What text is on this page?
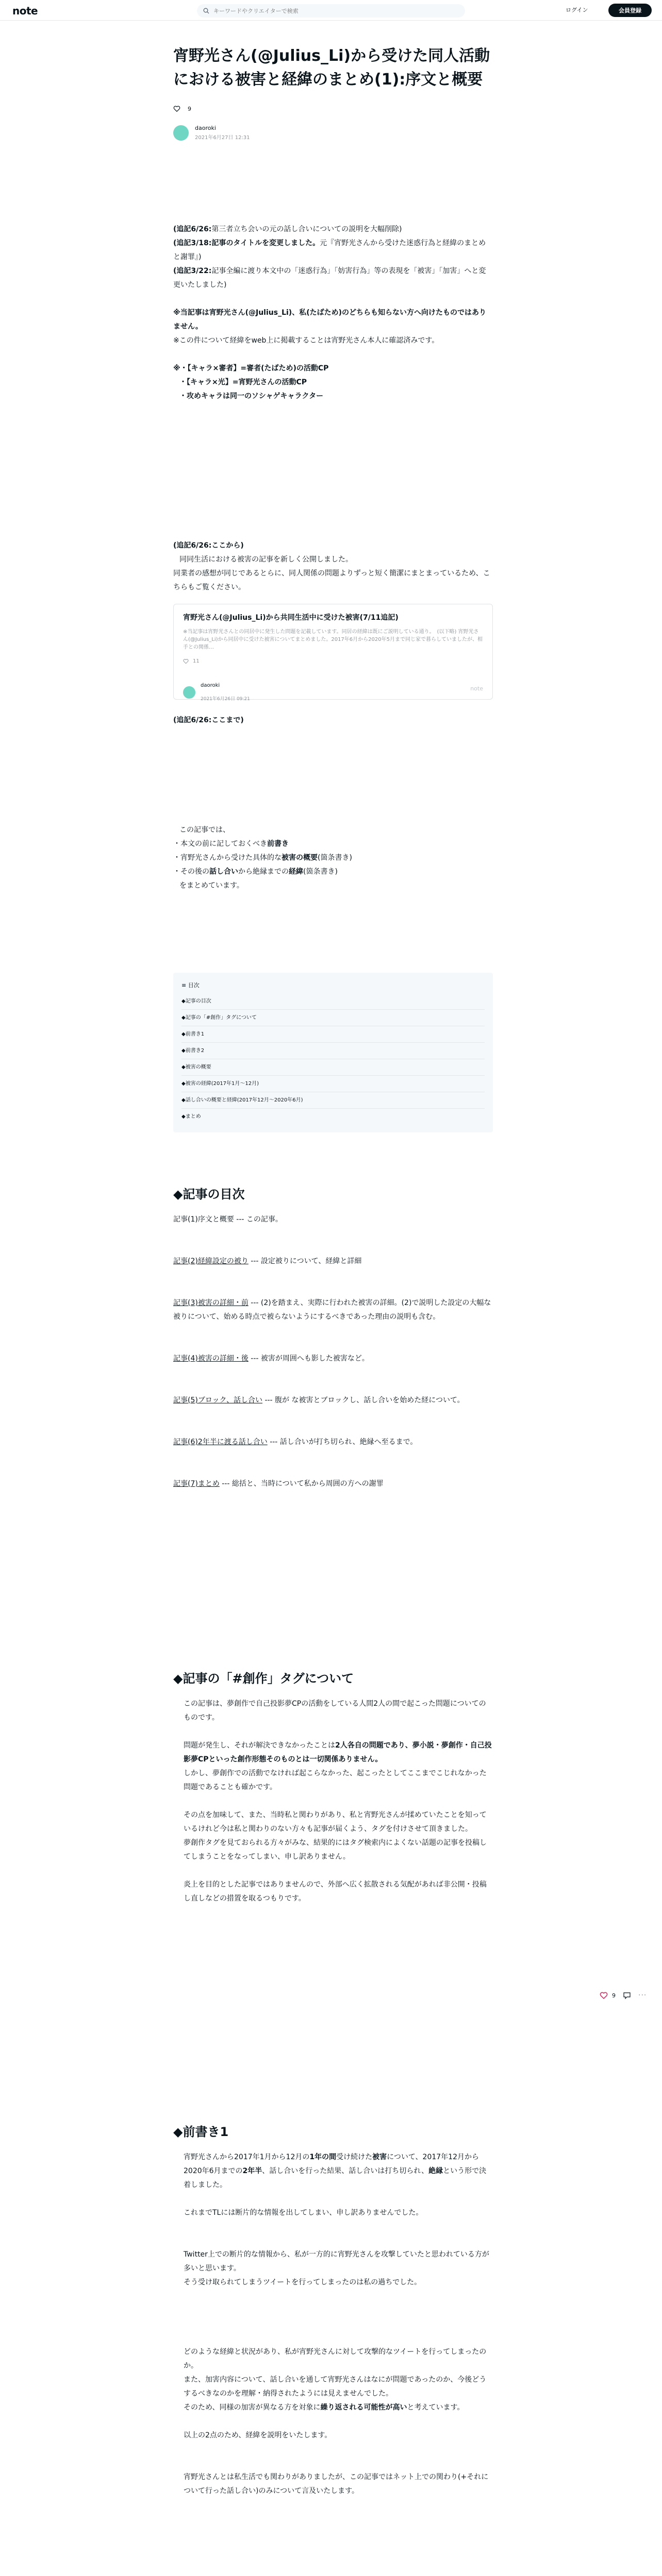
note
キーワードやクリエイターで検索	ログイン	会員登録
宵野光さん(@Julius_Li)から受けた同人活動における被害と経緯のまとめ(1):序文と概要
9
daoroki
2021年6月27日 12:31
(追記6/26:第三者立ち会いの元の話し合いについての説明を大幅削除)
(追記3/18:記事のタイトルを変更しました。元『宵野光さんから受けた迷惑行為と経緯のまとめと謝罪』)
(追記3/22:記事全編に渡り本文中の「迷惑行為」「妨害行為」等の表現を「被害」「加害」へと変更いたしました)
※当記事は宵野光さん(@Julius_Li)、私(たばため)のどちらも知らない方へ向けたものではありません。
※この件について経緯をweb上に掲載することは宵野光さん本人に確認済みです。
※・【キャラ×審者】=審者(たばため)の活動CP
・【キャラ×光】=宵野光さんの活動CP
・攻めキャラは同一のソシャゲキャラクター
(追記6/26:ここから)
同同生活における被害の記事を新しく公開しました。
同業者の感想が同じであるとらに、同人関係の問題よりずっと短く簡潔にまとまっているため、こちらもご覧ください。
宵野光さん(@Julius_Li)から共同生活中に受けた被害(7/11追記)
※当記事は宵野光さんとの同居中に発生した問題を記載しています。同居の経緯は既にご説明している通り。　(以下略) 宵野光さん(@Julius_Li)から同居中に受けた被害についてまとめました。2017年6月から2020年5月まで同じ家で暮らしていましたが、相手との関係…
11
daoroki
2021年6月26日 09:21
note
(追記6/26:ここまで)
この記事では、
・本文の前に記しておくべき前書き
・宵野光さんから受けた具体的な被害の概要(箇条書き)
・その後の話し合いから絶縁までの経緯(箇条書き)
をまとめています。
≡ 目次
◆記事の目次
◆記事の「#創作」タグについて
◆前書き1
◆前書き2
◆被害の概要
◆被害の経緯(2017年1月〜12月)
◆話し合いの概要と経緯(2017年12月〜2020年6月)
◆まとめ
◆記事の目次
記事(1)序文と概要 --- この記事。
記事(2)経緯設定の被り --- 設定被りについて、経緯と詳細
記事(3)被害の詳細・前 --- (2)を踏まえ、実際に行われた被害の詳細。(2)で説明した設定の大幅な被りについて、始める時点で被らないようにするべきであった理由の説明も含む。
記事(4)被害の詳細・後 --- 被害が周囲へも影した被害など。
記事(5)ブロック、話し合い --- 腹が な被害とブロックし、話し合いを始めた経について。
記事(6)2年半に渡る話し合い --- 話し合いが打ち切られ、絶縁へ至るまで。
記事(7)まとめ --- 総括と、当時について私から周囲の方への謝罪
◆記事の「#創作」タグについて
この記事は、夢創作で自己投影夢CPの活動をしている人間2人の間で起こった問題についてのものです。
問題が発生し、それが解決できなかったことは2人各自の問題であり、夢小説・夢創作・自己投影夢CPといった創作形態そのものとは一切関係ありません。
しかし、夢創作での活動でなければ起こらなかった、起こったとしてここまでこじれなかった問題であることも確かです。
その点を加味して、また、当時私と関わりがあり、私と宵野光さんが揉めていたことを知っているけれど今は私と関わりのない方々も記事が届くよう、タグを付けさせて頂きました。
夢創作タグを見ておられる方々がみな、結果的にはタグ検索内によくない話題の記事を投稿してしまうことをなってしまい、申し訳ありません。
炎上を目的とした記事ではありませんので、外部へ広く拡散される気配があれば非公開・投稿し直しなどの措置を取るつもりです。
9	···
◆前書き1
宵野光さんから2017年1月から12月の1年の間受け続けた被害について、2017年12月から2020年6月までの2年半、話し合いを行った結果、話し合いは打ち切られ、絶縁という形で決着しました。
これまでTLには断片的な情報を出してしまい、申し訳ありませんでした。
Twitter上での断片的な情報から、私が一方的に宵野光さんを攻撃していたと思われている方が多いと思います。
そう受け取られてしまうツイートを行ってしまったのは私の過ちでした。
どのような経緯と状況があり、私が宵野光さんに対して攻撃的なツイートを行ってしまったのか。
また、加害内容について、話し合いを通して宵野光さんはなにが問題であったのか、今後どうするべきなのかを理解・納得されたようには見えませんでした。
そのため、同様の加害が異なる方を対象に繰り返される可能性が高いと考えています。
以上の2点のため、経緯を説明をいたします。
宵野光さんとは私生活でも関わりがありましたが、この記事ではネット上での関わり(+それについて行った話し合い)のみについて言及いたします。
